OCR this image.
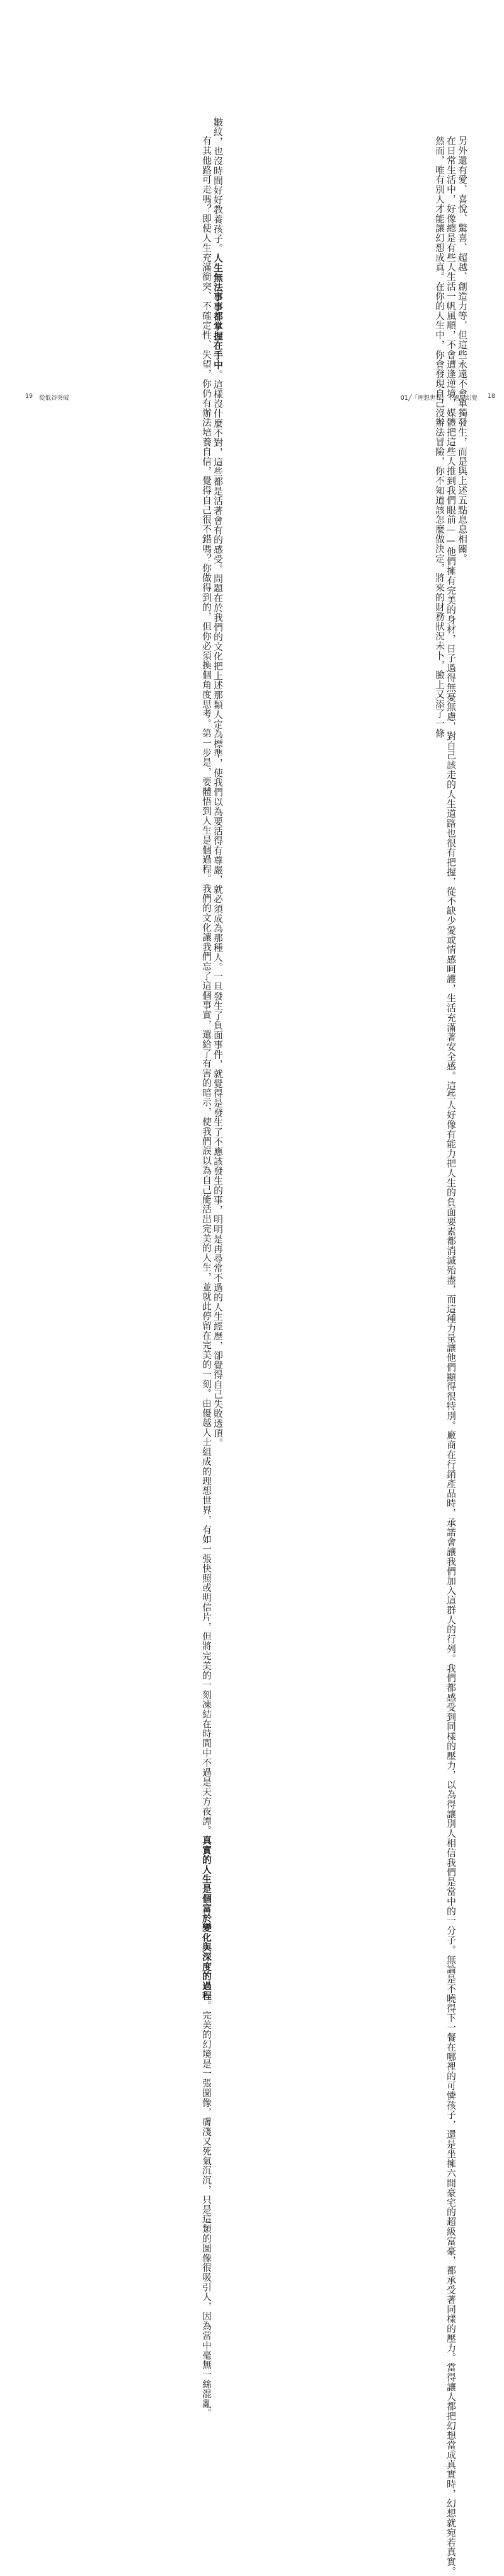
皺紋，也沒時間好好教養孩子。人生無法事事都掌握在手中。這樣沒什麼不對，這些都是活著會有的感受。問題在於我們的文化把上述那類人定為標準，使我們以為要活得有尊嚴，就必須成為那種人。一旦發生了負面事件，就覺得是發生了不應該發生的事，明明是再尋常不過的人生經歷，卻覺得自己失敗透頂。

有其他路可走嗎？即使人生充滿衝突、不確定性、失望，你仍有辦法培養自信，覺得自己很不錯嗎？你做得到的，但你必須換個角度思考。第一步是，要體悟到人生是個過程。我們的文化讓我們忘了這個事實，還給了有害的暗示，使我們誤以為自己能活出完美的人生，並就此停留在完美的一刻。由優越人士組成的理想世界，有如一張快照或明信片，但將完美的一刻凍結在時間中不過是天方夜譚。真實的人生是個富於變化與深度的過程。完美的幻境是一張圖像，膚淺又死氣沉沉，只是這類的圖像很吸引人，因為當中毫無一絲混亂。

19 從低谷突破	另外還有愛、喜悅、驚喜、超越、創造力等，但這些永遠不會單獨發生，而是與上述五點息息相關。

在日常生活中，好像總是有些人生活一帆風順，不會遭逢逆境，媒體把這些人推到我們眼前——他們擁有完美的身材，日子過得無憂無慮，對自己該走的人生道路也很有把握，從不缺少愛或情感呵護，生活充滿著安全感。這些人好像有能力把人生的負面要素都消滅殆盡，而這種力量讓他們顯得很特別。廠商在行銷產品時，承諾會讓我們加入這群人的行列。我們都感受到同樣的壓力，以為得讓別人相信我們是當中的一分子。無論是不曉得下一餐在哪裡的可憐孩子，還是坐擁六間豪宅的超級富豪，都承受著同樣的壓力。當得讓人都把幻想當成真實時，幻想就宛若真實。

然而，唯有別人才能讓幻想成真。在你的人生中，你會發現自己沒辦法冒險，你不知道該怎麼做決定，將來的財務狀況未卜，臉上又添了一條

01╱「理想世界」不過是幻覺 18
